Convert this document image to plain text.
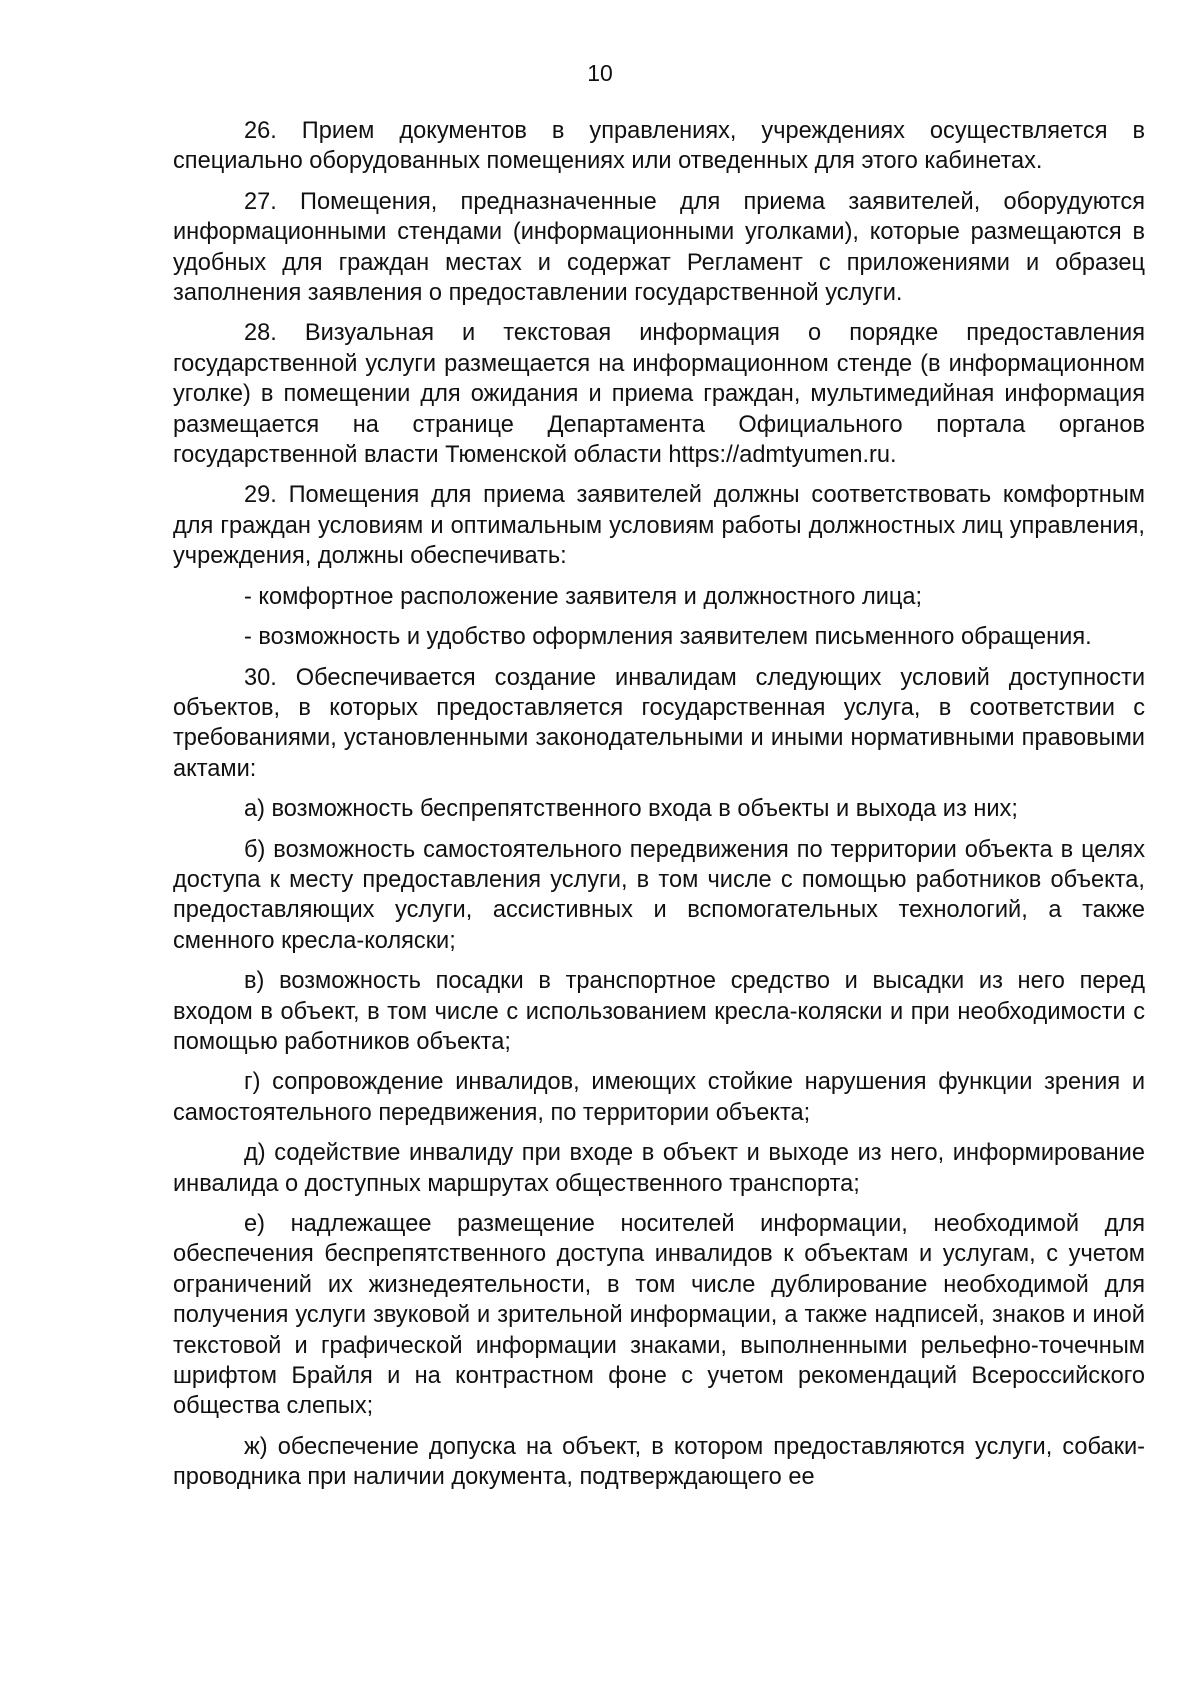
10

26. Прием документов в управлениях, учреждениях осуществляется в специально оборудованных помещениях или отведенных для этого кабинетах.

27. Помещения, предназначенные для приема заявителей, оборудуются информационными стендами (информационными уголками), которые размещаются в удобных для граждан местах и содержат Регламент с приложениями и образец заполнения заявления о предоставлении государственной услуги.

28. Визуальная и текстовая информация о порядке предоставления государственной услуги размещается на информационном стенде (в информационном уголке) в помещении для ожидания и приема граждан, мультимедийная информация размещается на странице Департамента Официального портала органов государственной власти Тюменской области https://admtyumen.ru.

29. Помещения для приема заявителей должны соответствовать комфортным для граждан условиям и оптимальным условиям работы должностных лиц управления, учреждения, должны обеспечивать:

- комфортное расположение заявителя и должностного лица;

- возможность и удобство оформления заявителем письменного обращения.

30. Обеспечивается создание инвалидам следующих условий доступности объектов, в которых предоставляется государственная услуга, в соответствии с требованиями, установленными законодательными и иными нормативными правовыми актами:

а) возможность беспрепятственного входа в объекты и выхода из них;

б) возможность самостоятельного передвижения по территории объекта в целях доступа к месту предоставления услуги, в том числе с помощью работников объекта, предоставляющих услуги, ассистивных и вспомогательных технологий, а также сменного кресла-коляски;

в) возможность посадки в транспортное средство и высадки из него перед входом в объект, в том числе с использованием кресла-коляски и при необходимости с помощью работников объекта;

г) сопровождение инвалидов, имеющих стойкие нарушения функции зрения и самостоятельного передвижения, по территории объекта;

д) содействие инвалиду при входе в объект и выходе из него, информирование инвалида о доступных маршрутах общественного транспорта;

е) надлежащее размещение носителей информации, необходимой для обеспечения беспрепятственного доступа инвалидов к объектам и услугам, с учетом ограничений их жизнедеятельности, в том числе дублирование необходимой для получения услуги звуковой и зрительной информации, а также надписей, знаков и иной текстовой и графической информации знаками, выполненными рельефно-точечным шрифтом Брайля и на контрастном фоне с учетом рекомендаций Всероссийского общества слепых;

ж) обеспечение допуска на объект, в котором предоставляются услуги, собаки-проводника при наличии документа, подтверждающего ее
